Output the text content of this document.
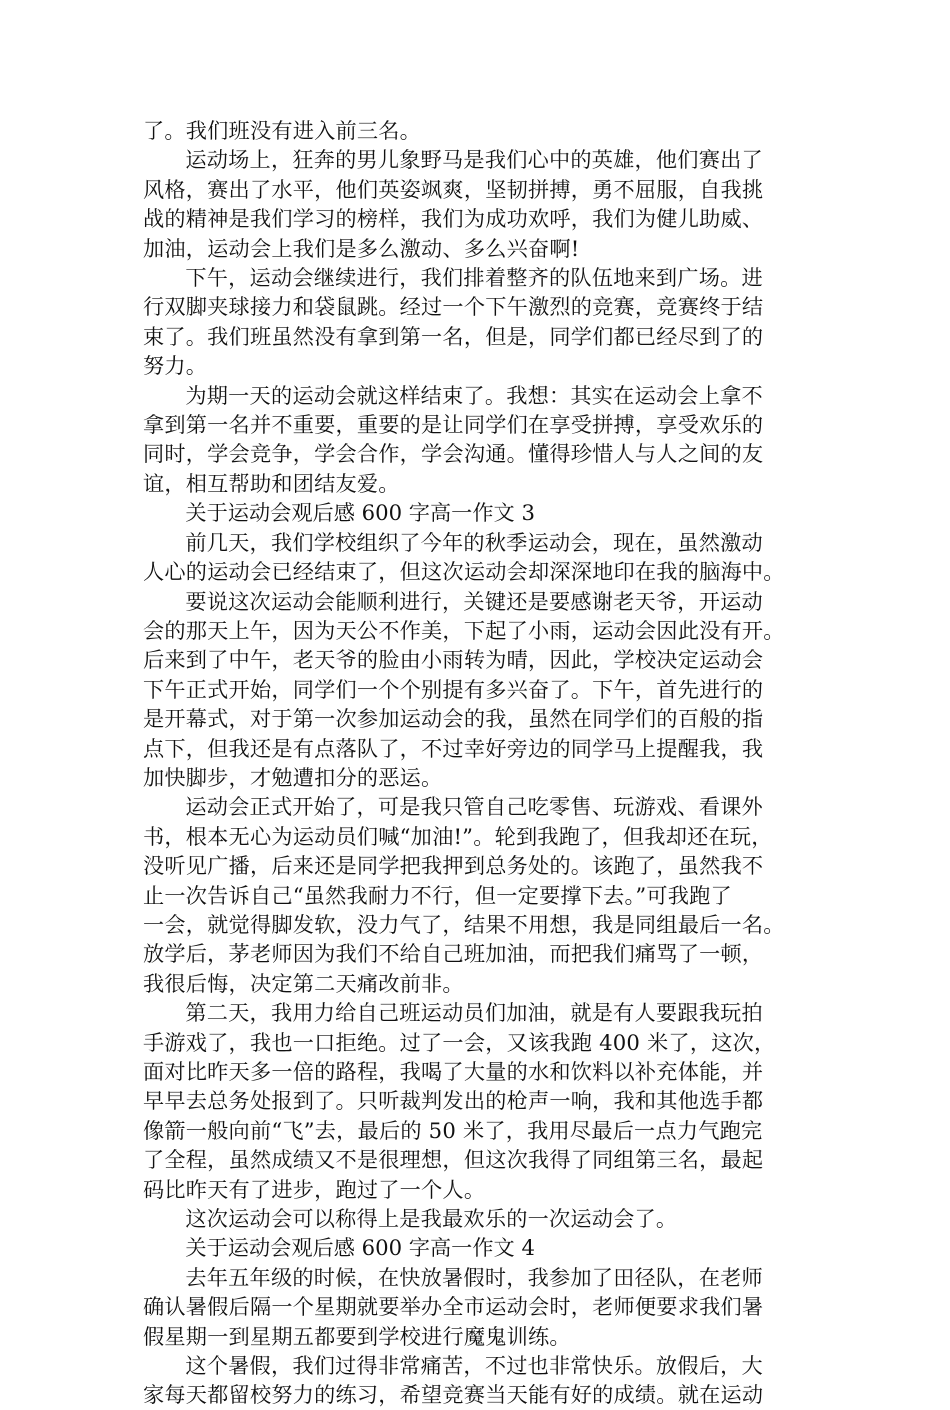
了。我们班没有进入前三名。

运动场上，狂奔的男儿象野马是我们心中的英雄，他们赛出了
风格，赛出了水平，他们英姿飒爽，坚韧拼搏，勇不屈服，自我挑
战的精神是我们学习的榜样，我们为成功欢呼，我们为健儿助威、
加油，运动会上我们是多么激动、多么兴奋啊!

下午，运动会继续进行，我们排着整齐的队伍地来到广场。进
行双脚夹球接力和袋鼠跳。经过一个下午激烈的竞赛，竞赛终于结
束了。我们班虽然没有拿到第一名，但是，同学们都已经尽到了的
努力。

为期一天的运动会就这样结束了。我想：其实在运动会上拿不
拿到第一名并不重要，重要的是让同学们在享受拼搏，享受欢乐的
同时，学会竞争，学会合作，学会沟通。懂得珍惜人与人之间的友
谊，相互帮助和团结友爱。

关于运动会观后感 600 字高一作文 3

前几天，我们学校组织了今年的秋季运动会，现在，虽然激动
人心的运动会已经结束了，但这次运动会却深深地印在我的脑海中。

要说这次运动会能顺利进行，关键还是要感谢老天爷，开运动
会的那天上午，因为天公不作美，下起了小雨，运动会因此没有开。
后来到了中午，老天爷的脸由小雨转为晴，因此，学校决定运动会
下午正式开始，同学们一个个别提有多兴奋了。下午，首先进行的
是开幕式，对于第一次参加运动会的我，虽然在同学们的百般的指
点下，但我还是有点落队了，不过幸好旁边的同学马上提醒我，我
加快脚步，才勉遭扣分的恶运。

运动会正式开始了，可是我只管自己吃零售、玩游戏、看课外
书，根本无心为运动员们喊“加油!”。轮到我跑了，但我却还在玩，
没听见广播，后来还是同学把我押到总务处的。该跑了，虽然我不
止一次告诉自己“虽然我耐力不行，但一定要撑下去。”可我跑了
一会，就觉得脚发软，没力气了，结果不用想，我是同组最后一名。
放学后，茅老师因为我们不给自己班加油，而把我们痛骂了一顿，
我很后悔，决定第二天痛改前非。

第二天，我用力给自己班运动员们加油，就是有人要跟我玩拍
手游戏了，我也一口拒绝。过了一会，又该我跑 400 米了，这次，
面对比昨天多一倍的路程，我喝了大量的水和饮料以补充体能，并
早早去总务处报到了。只听裁判发出的枪声一响，我和其他选手都
像箭一般向前“飞”去，最后的 50 米了，我用尽最后一点力气跑完
了全程，虽然成绩又不是很理想，但这次我得了同组第三名，最起
码比昨天有了进步，跑过了一个人。

这次运动会可以称得上是我最欢乐的一次运动会了。

关于运动会观后感 600 字高一作文 4

去年五年级的时候，在快放暑假时，我参加了田径队，在老师
确认暑假后隔一个星期就要举办全市运动会时，老师便要求我们暑
假星期一到星期五都要到学校进行魔鬼训练。

这个暑假，我们过得非常痛苦，不过也非常快乐。放假后，大
家每天都留校努力的练习，希望竞赛当天能有好的成绩。就在运动
